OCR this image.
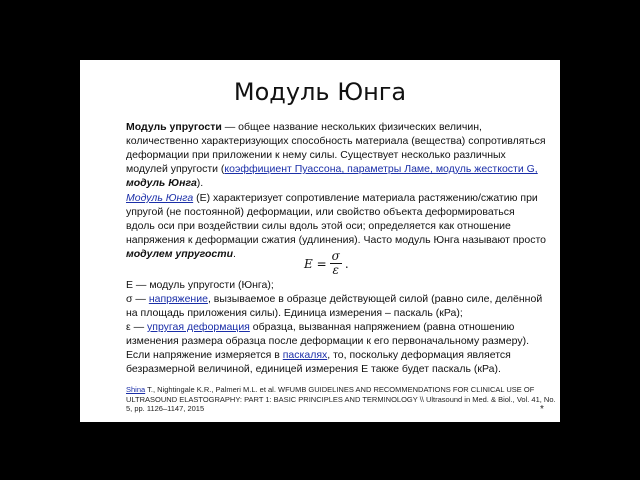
Модуль Юнга
Модуль упругости — общее название нескольких физических величин, количественно характеризующих способность материала (вещества) сопротивляться деформации при приложении к нему силы. Существует несколько различных модулей упругости (коэффициент Пуассона, параметры Ламе, модуль жесткости G, модуль Юнга).
Модуль Юнга (E) характеризует сопротивление материала растяжению/сжатию при упругой (не постоянной) деформации, или свойство объекта деформироваться вдоль оси при воздействии силы вдоль этой оси; определяется как отношение напряжения к деформации сжатия (удлинения). Часто модуль Юнга называют просто модулем упругости.
$E = \frac{\sigma}{\varepsilon}$ .
E — модуль упругости (Юнга);
σ — напряжение, вызываемое в образце действующей силой (равно силе, делённой на площадь приложения силы). Единица измерения – паскаль (кРа);
ε — упругая деформация образца, вызванная напряжением (равна отношению изменения размера образца после деформации к его первоначальному размеру).
Если напряжение измеряется в паскалях, то, поскольку деформация является безразмерной величиной, единицей измерения Е также будет паскаль (кРа).
Shina T., Nightingale K.R., Palmeri M.L. et al. WFUMB GUIDELINES AND RECOMMENDATIONS FOR CLINICAL USE OF ULTRASOUND ELASTOGRAPHY: PART 1: BASIC PRINCIPLES AND TERMINOLOGY \\ Ultrasound in Med. & Biol., Vol. 41, No. 5, pp. 1126–1147, 2015	*
